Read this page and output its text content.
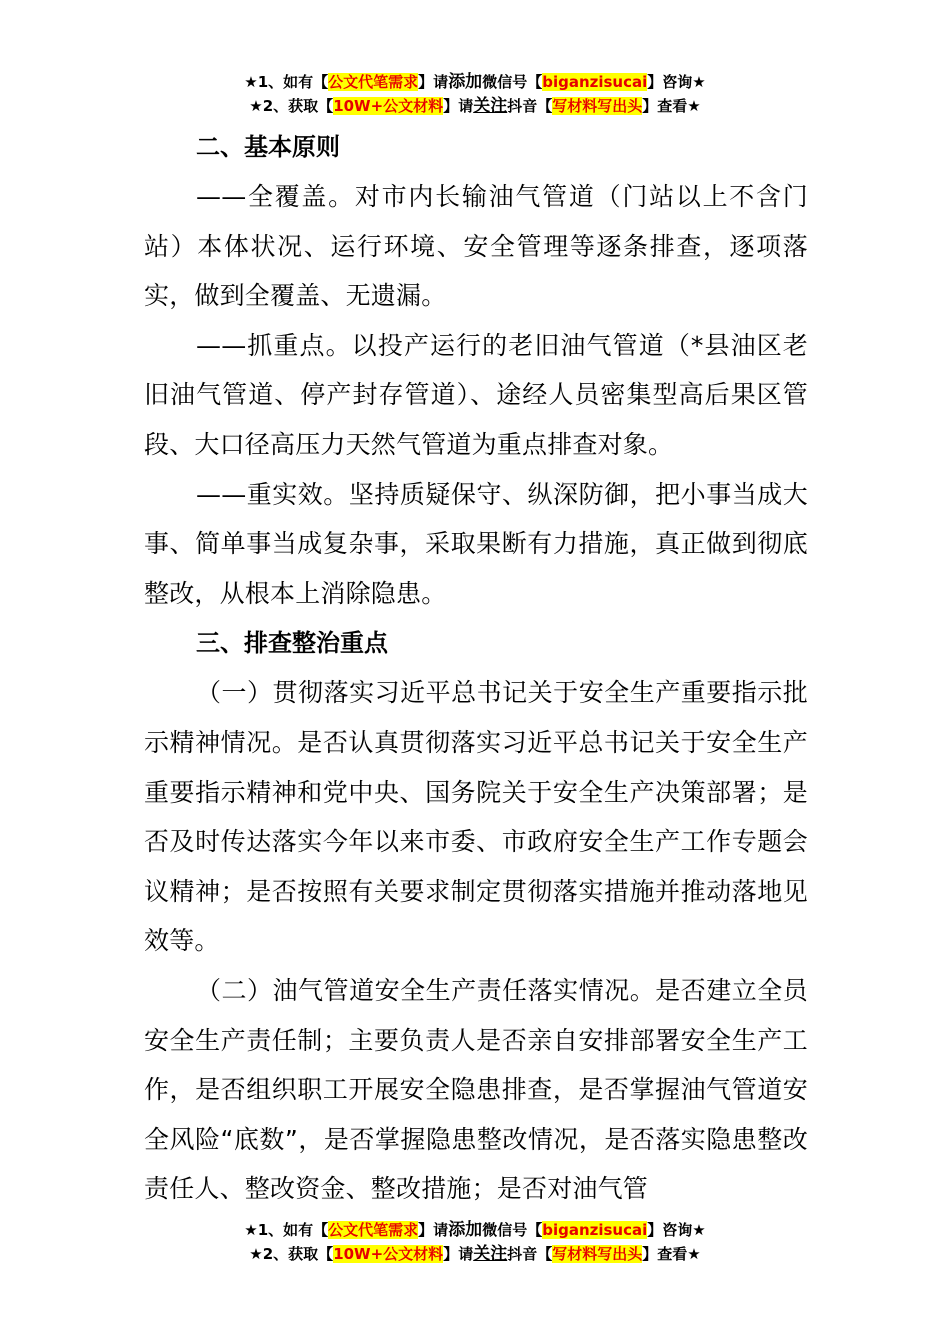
★1、如有【公文代笔需求】请添加微信号【biganzisucai】咨询★
★2、获取【10W+公文材料】请关注抖音【写材料写出头】查看★

二、基本原则

——全覆盖。对市内长输油气管道（门站以上不含门站）本体状况、运行环境、安全管理等逐条排查，逐项落实，做到全覆盖、无遗漏。

——抓重点。以投产运行的老旧油气管道（*县油区老旧油气管道、停产封存管道）、途经人员密集型高后果区管段、大口径高压力天然气管道为重点排查对象。

——重实效。坚持质疑保守、纵深防御，把小事当成大事、简单事当成复杂事，采取果断有力措施，真正做到彻底整改，从根本上消除隐患。

三、排查整治重点

（一）贯彻落实习近平总书记关于安全生产重要指示批示精神情况。是否认真贯彻落实习近平总书记关于安全生产重要指示精神和党中央、国务院关于安全生产决策部署；是否及时传达落实今年以来市委、市政府安全生产工作专题会议精神；是否按照有关要求制定贯彻落实措施并推动落地见效等。

（二）油气管道安全生产责任落实情况。是否建立全员安全生产责任制；主要负责人是否亲自安排部署安全生产工作，是否组织职工开展安全隐患排查，是否掌握油气管道安全风险“底数”，是否掌握隐患整改情况，是否落实隐患整改责任人、整改资金、整改措施；是否对油气管

★1、如有【公文代笔需求】请添加微信号【biganzisucai】咨询★
★2、获取【10W+公文材料】请关注抖音【写材料写出头】查看★
